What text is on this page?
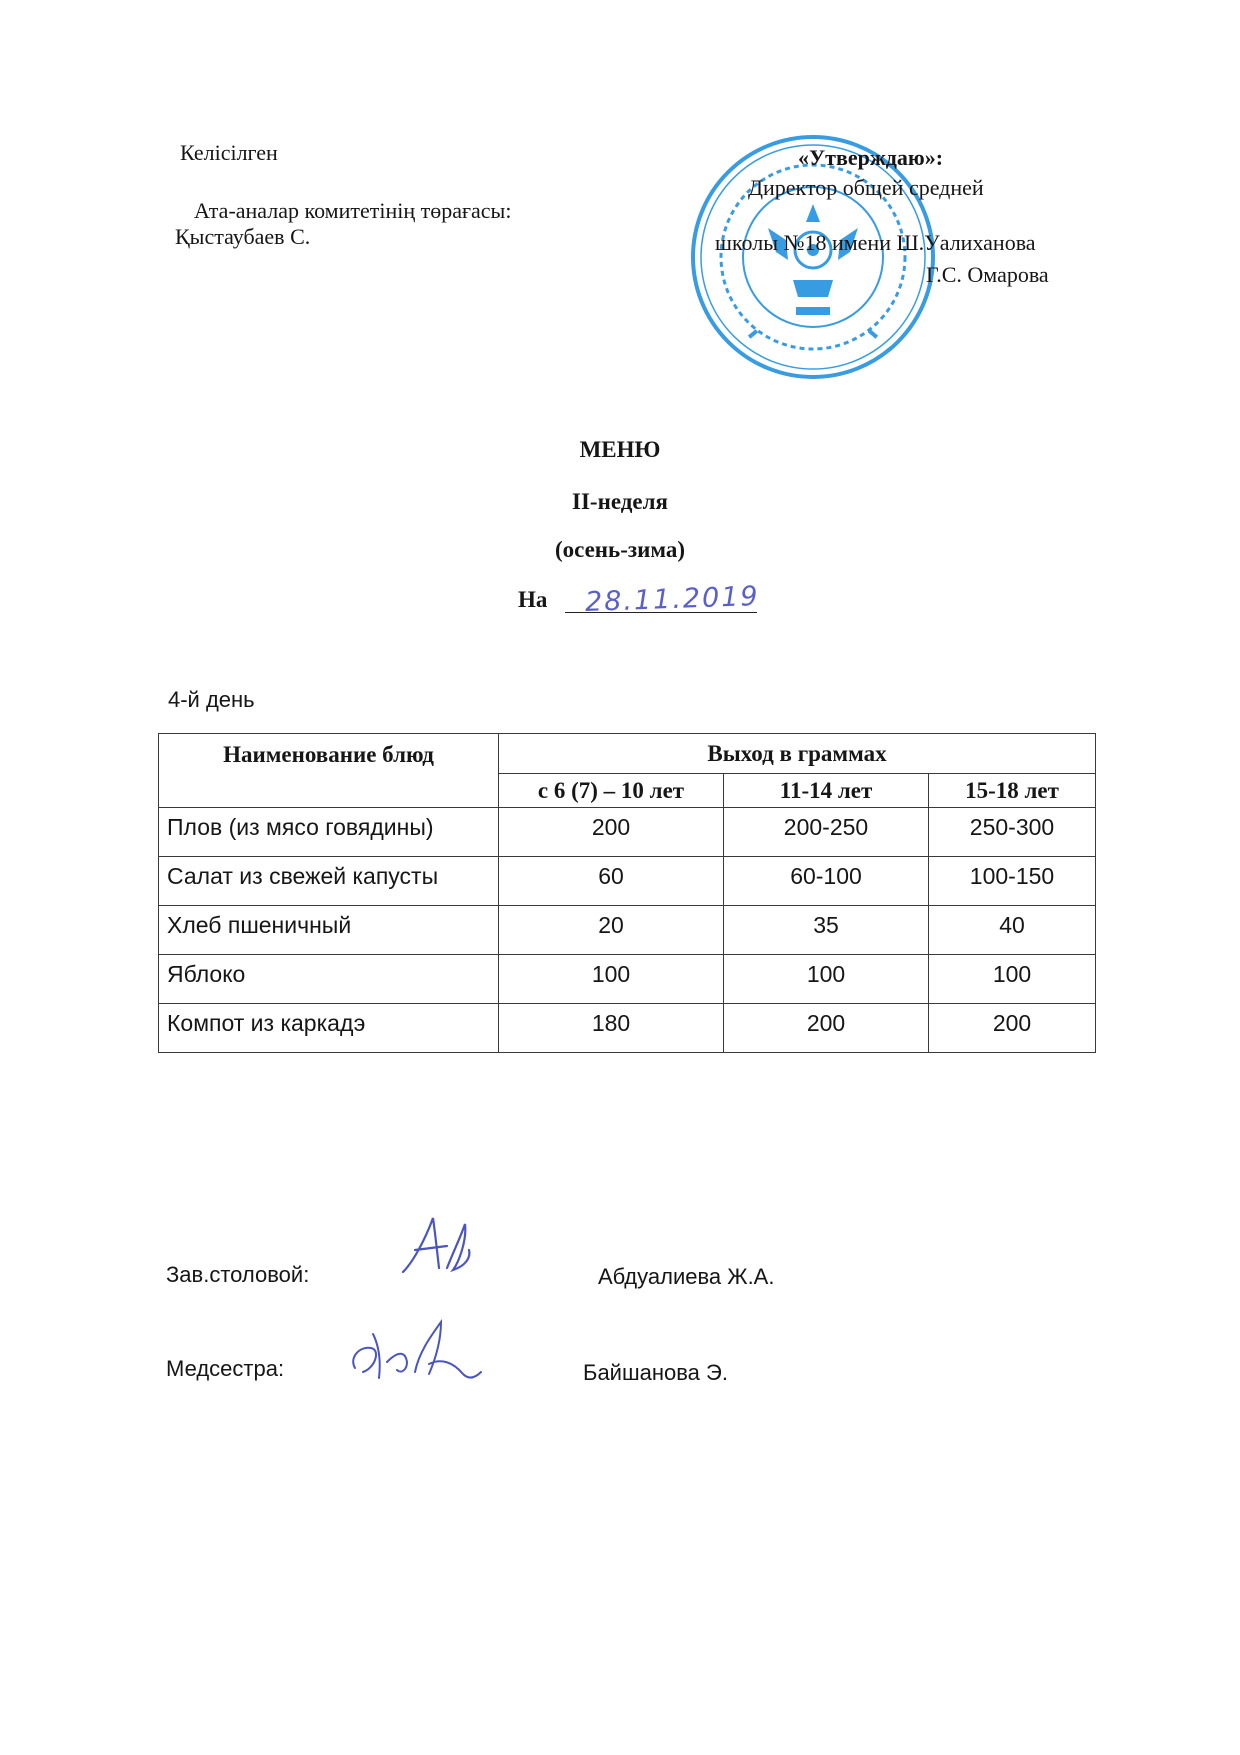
Келісілген
Ата-аналар комитетінің төрағасы:
Қыстаубаев С.
«Утверждаю»:
Директор общей средней
школы №18 имени Ш.Уалиханова
Г.С. Омарова
МЕНЮ
II-неделя
(осень-зима)
На 28.11.2019
4-й день
Наименование блюд	Выход в граммах		
	с 6 (7) – 10 лет	11-14 лет	15-18 лет
Плов (из мясо говядины)	200	200-250	250-300
Салат из свежей капусты	60	60-100	100-150
Хлеб пшеничный	20	35	40
Яблоко	100	100	100
Компот из каркадэ	180	200	200
Зав.столовой:	Абдуалиева Ж.А.
Медсестра:	Байшанова Э.
